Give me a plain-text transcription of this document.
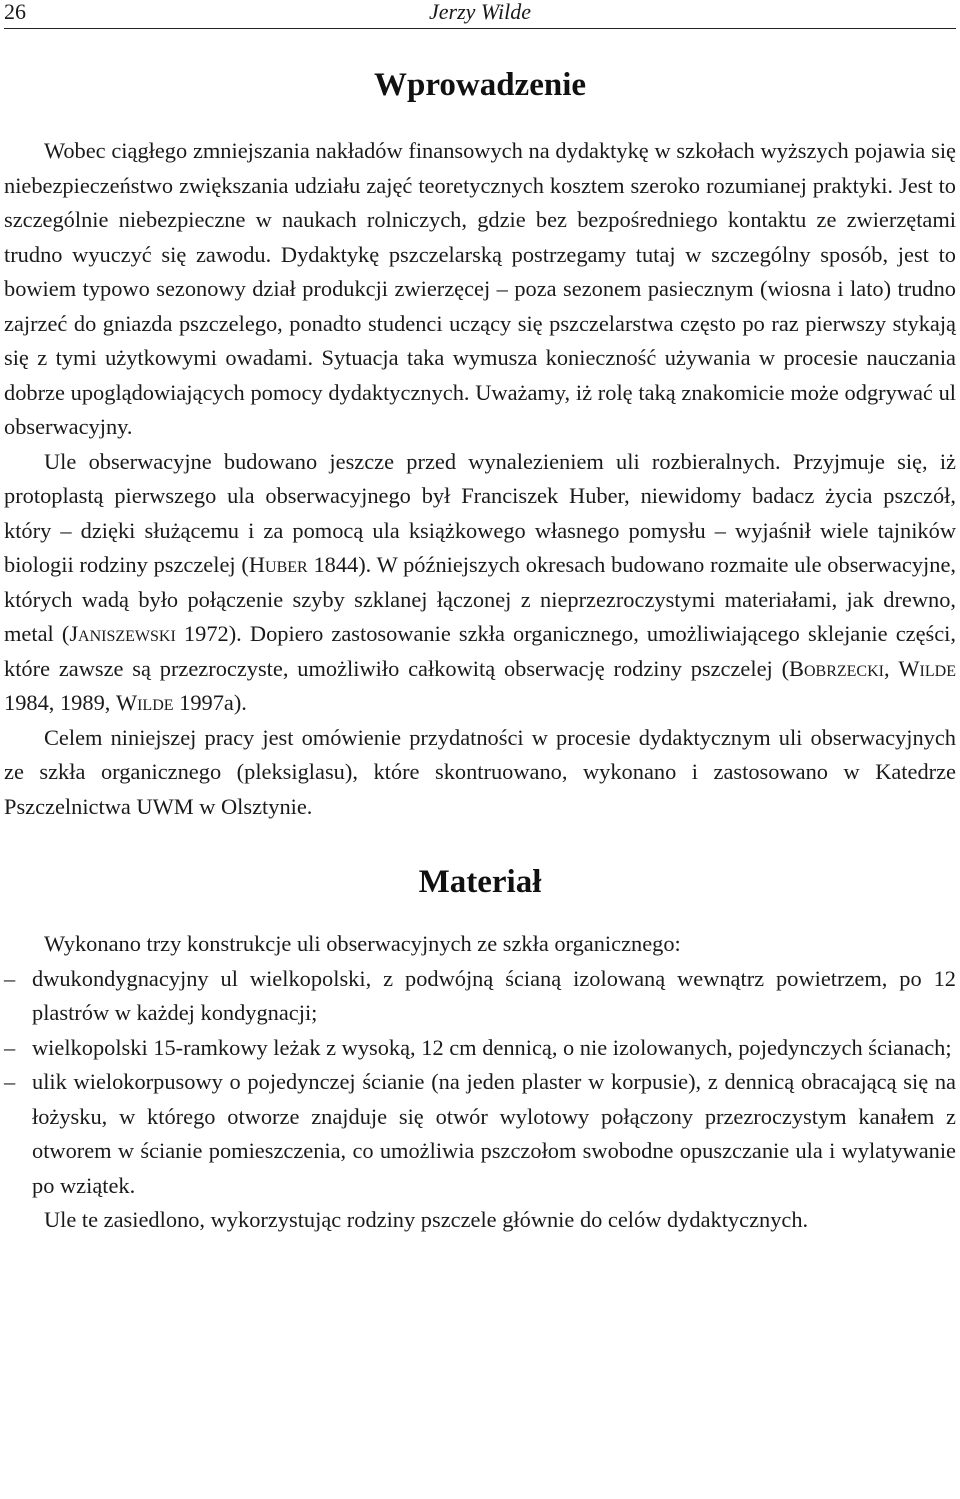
26	Jerzy Wilde
Wprowadzenie

Wobec ciągłego zmniejszania nakładów finansowych na dydaktykę w szkołach wyższych pojawia się niebezpieczeństwo zwiększania udziału zajęć teoretycznych kosztem szeroko rozumianej praktyki. Jest to szczególnie niebezpieczne w naukach rolniczych, gdzie bez bezpośredniego kontaktu ze zwierzętami trudno wyuczyć się zawodu. Dydaktykę pszczelarską postrzegamy tutaj w szczególny sposób, jest to bowiem typowo sezonowy dział produkcji zwierzęcej – poza sezonem pasiecznym (wiosna i lato) trudno zajrzeć do gniazda pszczelego, ponadto studenci uczący się pszczelarstwa często po raz pierwszy stykają się z tymi użytkowymi owadami. Sytuacja taka wymusza konieczność używania w procesie nauczania dobrze upoglądowiających pomocy dydaktycznych. Uważamy, iż rolę taką znakomicie może odgrywać ul obserwacyjny.

Ule obserwacyjne budowano jeszcze przed wynalezieniem uli rozbieralnych. Przyjmuje się, iż protoplastą pierwszego ula obserwacyjnego był Franciszek Huber, niewidomy badacz życia pszczół, który – dzięki służącemu i za pomocą ula książkowego własnego pomysłu – wyjaśnił wiele tajników biologii rodziny pszczelej (Huber 1844). W późniejszych okresach budowano rozmaite ule obserwacyjne, których wadą było połączenie szyby szklanej łączonej z nieprzezroczystymi materiałami, jak drewno, metal (Janiszewski 1972). Dopiero zastosowanie szkła organicznego, umożliwiającego sklejanie części, które zawsze są przezroczyste, umożliwiło całkowitą obserwację rodziny pszczelej (Bobrzecki, Wilde 1984, 1989, Wilde 1997a).

Celem niniejszej pracy jest omówienie przydatności w procesie dydaktycznym uli obserwacyjnych ze szkła organicznego (pleksiglasu), które skontruowano, wykonano i zastosowano w Katedrze Pszczelnictwa UWM w Olsztynie.

Materiał

Wykonano trzy konstrukcje uli obserwacyjnych ze szkła organicznego:

– dwukondygnacyjny ul wielkopolski, z podwójną ścianą izolowaną wewnątrz powietrzem, po 12 plastrów w każdej kondygnacji;
– wielkopolski 15-ramkowy leżak z wysoką, 12 cm dennicą, o nie izolowanych, pojedynczych ścianach;
– ulik wielokorpusowy o pojedynczej ścianie (na jeden plaster w korpusie), z dennicą obracającą się na łożysku, w którego otworze znajduje się otwór wylotowy połączony przezroczystym kanałem z otworem w ścianie pomieszczenia, co umożliwia pszczołom swobodne opuszczanie ula i wylatywanie po wziątek.

Ule te zasiedlono, wykorzystując rodziny pszczele głównie do celów dydaktycznych.
